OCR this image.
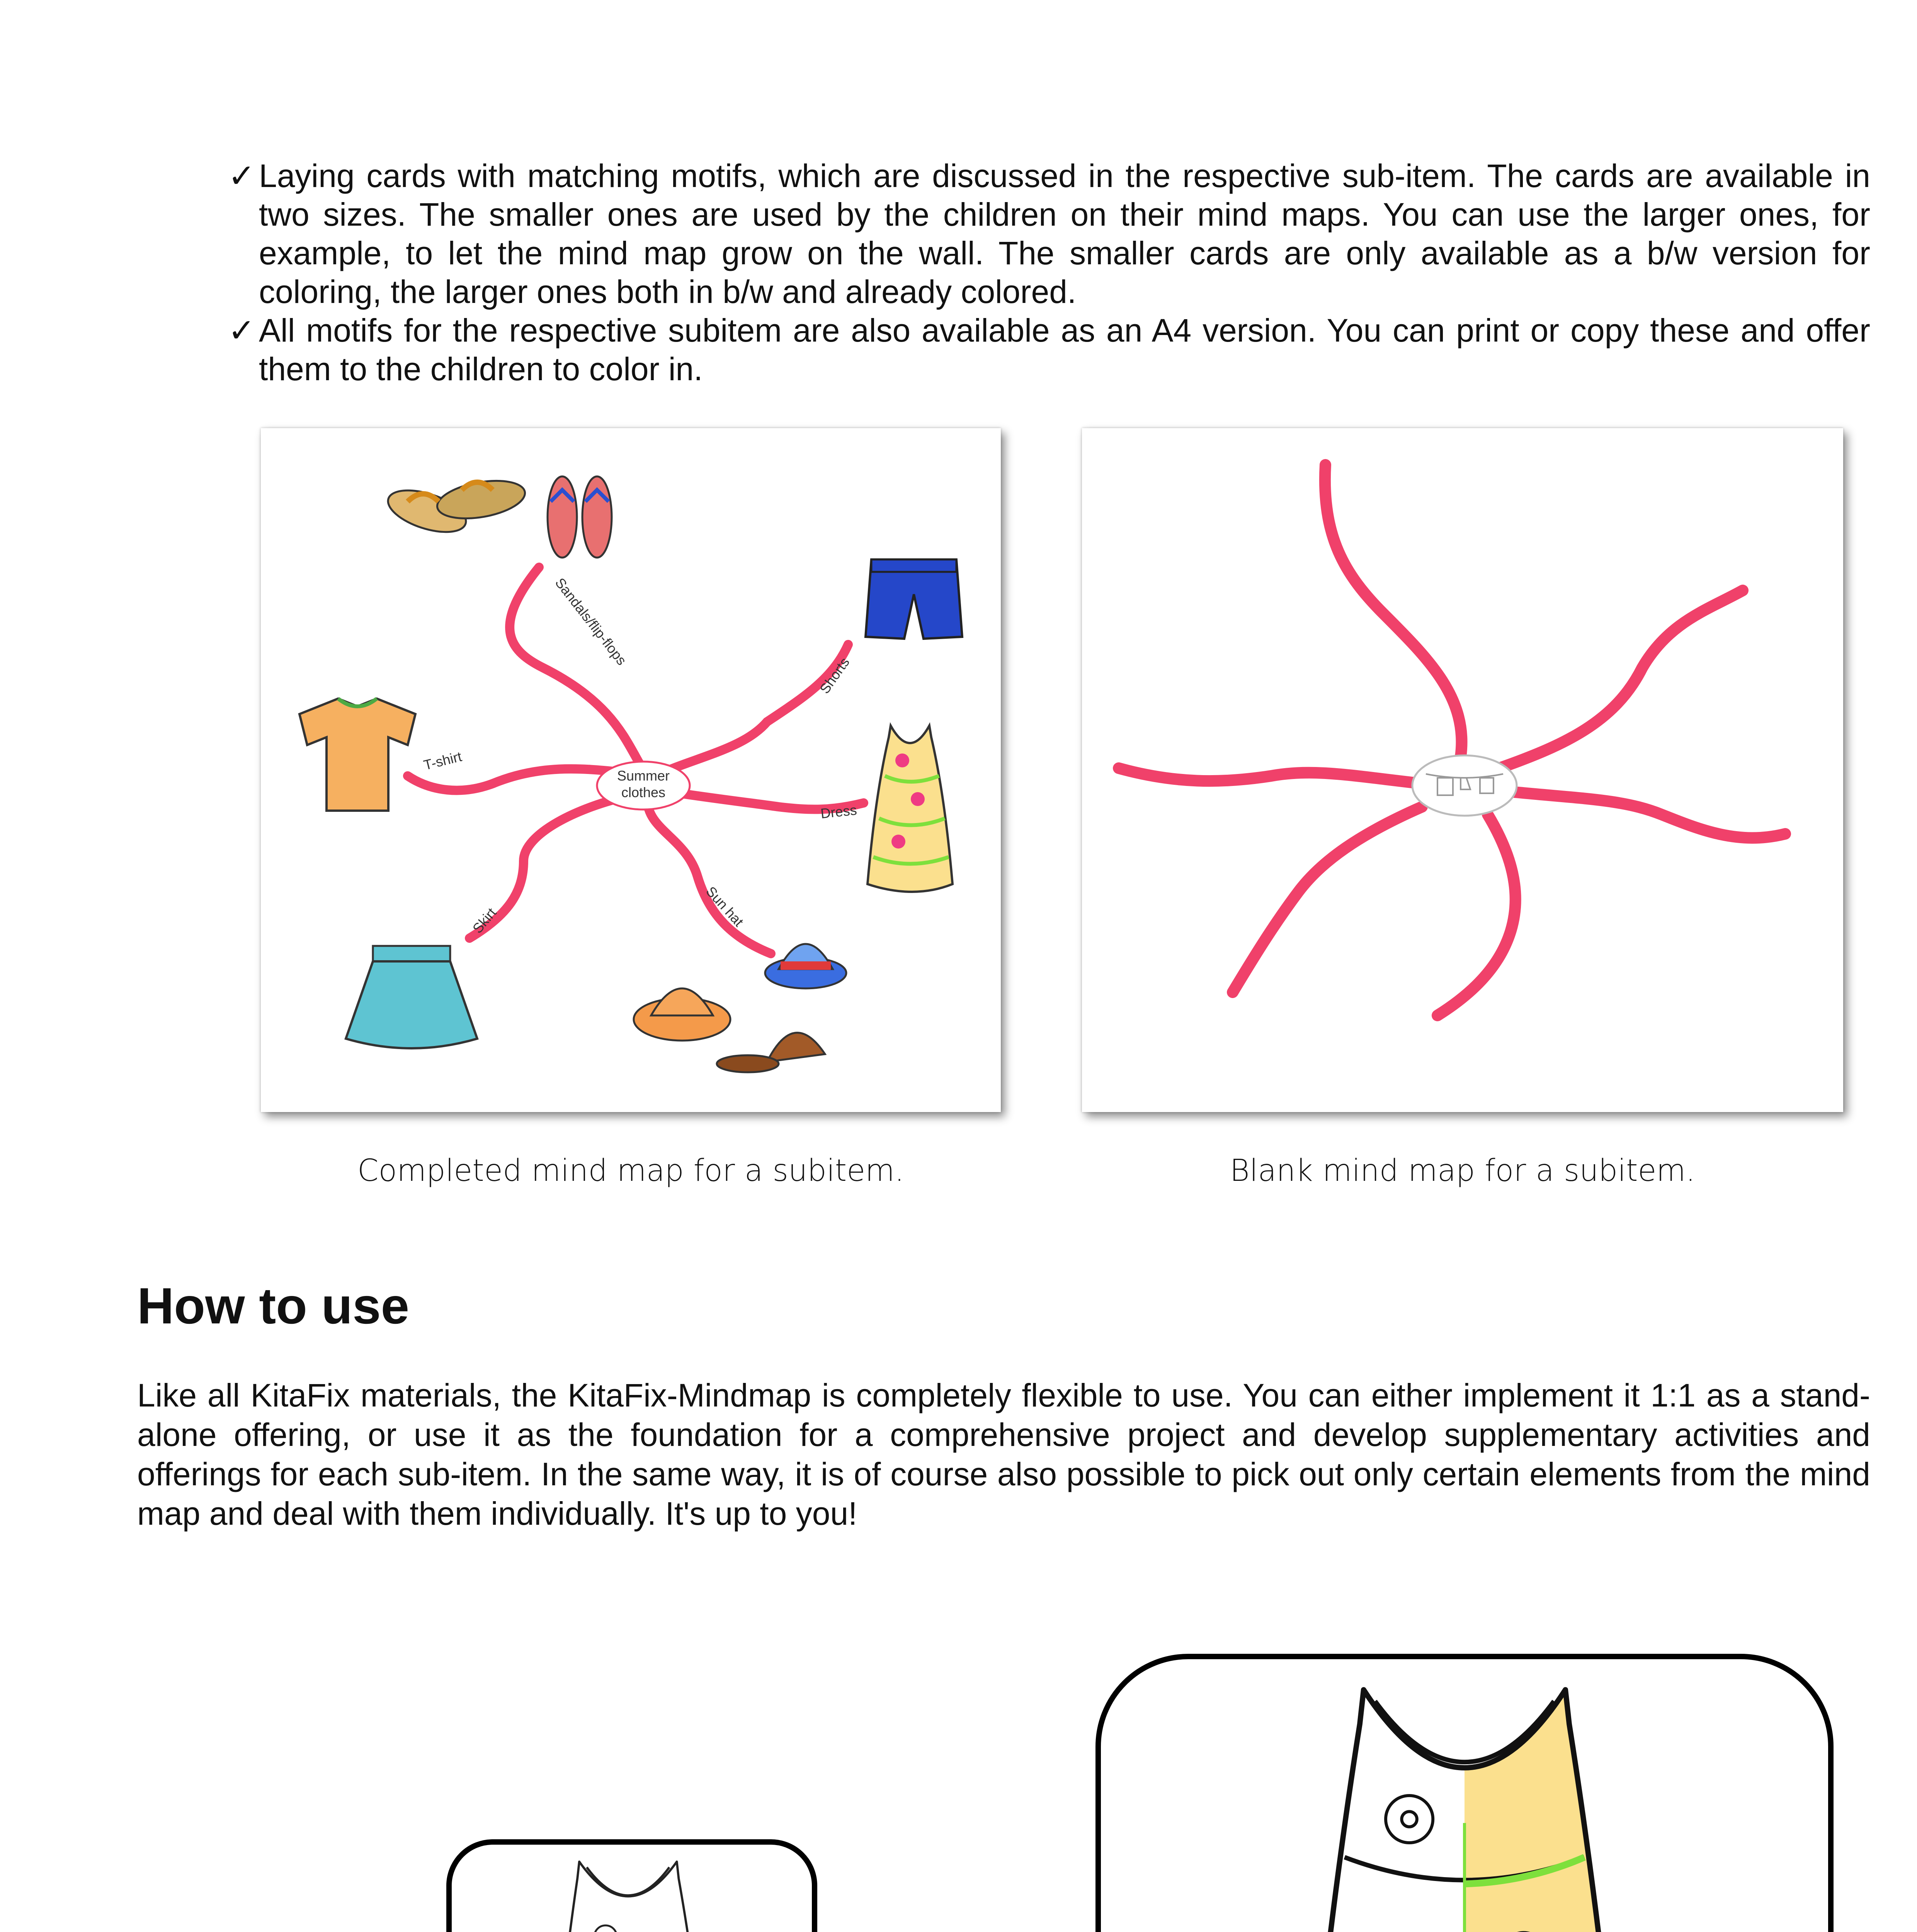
✓ Laying cards with matching motifs, which are discussed in the respective sub-item. The cards are available in two sizes. The smaller ones are used by the children on their mind maps. You can use the larger ones, for example, to let the mind map grow on the wall. The smaller cards are only available as a b/w version for coloring, the larger ones both in b/w and already colored.
✓ All motifs for the respective subitem are also available as an A4 version. You can print or copy these and offer them to the children to color in.
Summer
clothes
Sandals/flip-flops
Shorts
T-shirt
Dress
Skirt	Sun hat
Completed mind map for a subitem.	Blank mind map for a subitem.
How to use

Like all KitaFix materials, the KitaFix-Mindmap is completely flexible to use. You can either implement it 1:1 as a stand-alone offering, or use it as the foundation for a comprehensive project and develop supplementary activities and offerings for each sub-item. In the same way, it is of course also possible to pick out only certain elements from the mind map and deal with them individually. It's up to you!
